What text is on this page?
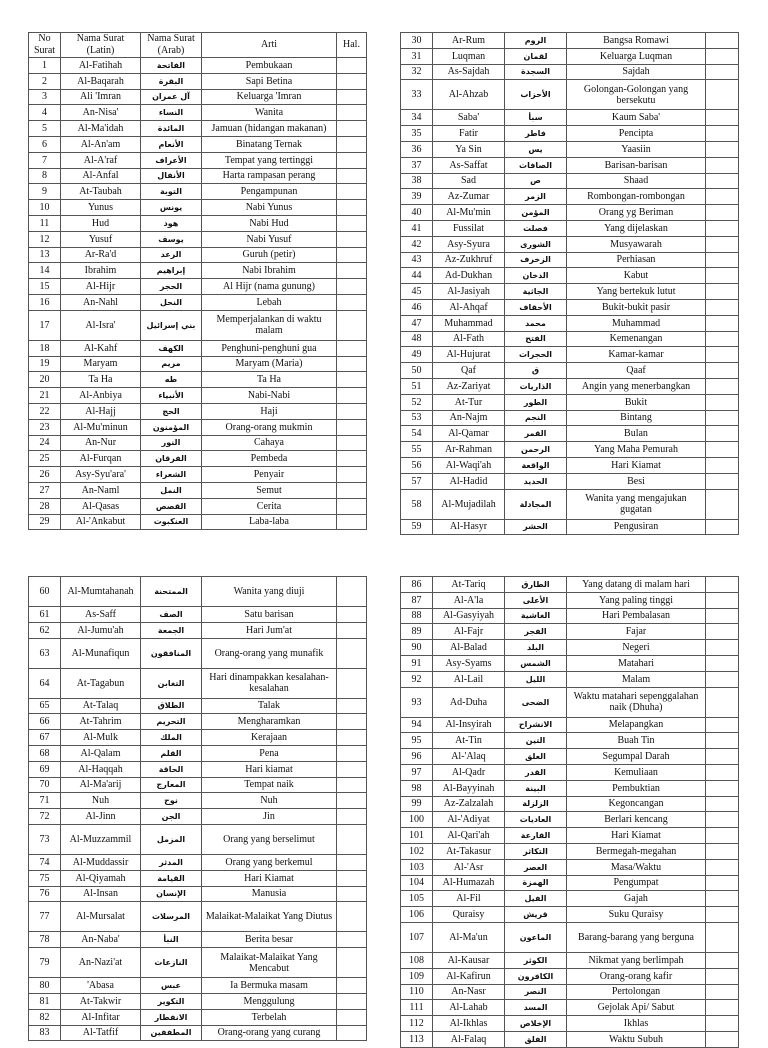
No Surat	Nama Surat (Latin)	Nama Surat (Arab)	Arti	Hal.
1	Al-Fatihah	الفاتحة	Pembukaan	
2	Al-Baqarah	البقرة	Sapi Betina	
3	Ali 'Imran	آل عمران	Keluarga 'Imran	
4	An-Nisa'	النساء	Wanita	
5	Al-Ma'idah	المائدة	Jamuan (hidangan makanan)	
6	Al-An'am	الأنعام	Binatang Ternak	
7	Al-A'raf	الأعراف	Tempat yang tertinggi	
8	Al-Anfal	الأنفال	Harta rampasan perang	
9	At-Taubah	التوبة	Pengampunan	
10	Yunus	يونس	Nabi Yunus	
11	Hud	هود	Nabi Hud	
12	Yusuf	يوسف	Nabi Yusuf	
13	Ar-Ra'd	الرعد	Guruh (petir)	
14	Ibrahim	إبراهيم	Nabi Ibrahim	
15	Al-Hijr	الحجر	Al Hijr (nama gunung)	
16	An-Nahl	النحل	Lebah	
17	Al-Isra'	بني إسرائيل	Memperjalankan di waktu malam	
18	Al-Kahf	الكهف	Penghuni-penghuni gua	
19	Maryam	مريم	Maryam (Maria)	
20	Ta Ha	طه	Ta Ha	
21	Al-Anbiya	الأنبياء	Nabi-Nabi	
22	Al-Hajj	الحج	Haji	
23	Al-Mu'minun	المؤمنون	Orang-orang mukmin	
24	An-Nur	النور	Cahaya	
25	Al-Furqan	الفرقان	Pembeda	
26	Asy-Syu'ara'	الشعراء	Penyair	
27	An-Naml	النمل	Semut	
28	Al-Qasas	القصص	Cerita	
29	Al-'Ankabut	العنكبوت	Laba-laba	
30	Ar-Rum	الروم	Bangsa Romawi	
31	Luqman	لقمان	Keluarga Luqman	
32	As-Sajdah	السجدة	Sajdah	
33	Al-Ahzab	الأحزاب	Golongan-Golongan yang bersekutu	
34	Saba'	سبأ	Kaum Saba'	
35	Fatir	فاطر	Pencipta	
36	Ya Sin	يس	Yaasiin	
37	As-Saffat	الصافات	Barisan-barisan	
38	Sad	ص	Shaad	
39	Az-Zumar	الزمر	Rombongan-rombongan	
40	Al-Mu'min	المؤمن	Orang yg Beriman	
41	Fussilat	فصلت	Yang dijelaskan	
42	Asy-Syura	الشورى	Musyawarah	
43	Az-Zukhruf	الزخرف	Perhiasan	
44	Ad-Dukhan	الدخان	Kabut	
45	Al-Jasiyah	الجاثية	Yang bertekuk lutut	
46	Al-Ahqaf	الأحقاف	Bukit-bukit pasir	
47	Muhammad	محمد	Muhammad	
48	Al-Fath	الفتح	Kemenangan	
49	Al-Hujurat	الحجرات	Kamar-kamar	
50	Qaf	ق	Qaaf	
51	Az-Zariyat	الذاريات	Angin yang menerbangkan	
52	At-Tur	الطور	Bukit	
53	An-Najm	النجم	Bintang	
54	Al-Qamar	القمر	Bulan	
55	Ar-Rahman	الرحمن	Yang Maha Pemurah	
56	Al-Waqi'ah	الواقعة	Hari Kiamat	
57	Al-Hadid	الحديد	Besi	
58	Al-Mujadilah	المجادلة	Wanita yang mengajukan gugatan	
59	Al-Hasyr	الحشر	Pengusiran	
60	Al-Mumtahanah	الممتحنة	Wanita yang diuji	
61	As-Saff	الصف	Satu barisan	
62	Al-Jumu'ah	الجمعة	Hari Jum'at	
63	Al-Munafiqun	المنافقون	Orang-orang yang munafik	
64	At-Tagabun	التغابن	Hari dinampakkan kesalahan-kesalahan	
65	At-Talaq	الطلاق	Talak	
66	At-Tahrim	التحريم	Mengharamkan	
67	Al-Mulk	الملك	Kerajaan	
68	Al-Qalam	القلم	Pena	
69	Al-Haqqah	الحاقة	Hari kiamat	
70	Al-Ma'arij	المعارج	Tempat naik	
71	Nuh	نوح	Nuh	
72	Al-Jinn	الجن	Jin	
73	Al-Muzzammil	المزمل	Orang yang berselimut	
74	Al-Muddassir	المدثر	Orang yang berkemul	
75	Al-Qiyamah	القيامة	Hari Kiamat	
76	Al-Insan	الإنسان	Manusia	
77	Al-Mursalat	المرسلات	Malaikat-Malaikat Yang Diutus	
78	An-Naba'	النبأ	Berita besar	
79	An-Nazi'at	النازعات	Malaikat-Malaikat Yang Mencabut	
80	'Abasa	عبس	Ia Bermuka masam	
81	At-Takwir	التكوير	Menggulung	
82	Al-Infitar	الانفطار	Terbelah	
83	Al-Tatfif	المطففين	Orang-orang yang curang	
86	At-Tariq	الطارق	Yang datang di malam hari	
87	Al-A'la	الأعلى	Yang paling tinggi	
88	Al-Gasyiyah	الغاشية	Hari Pembalasan	
89	Al-Fajr	الفجر	Fajar	
90	Al-Balad	البلد	Negeri	
91	Asy-Syams	الشمس	Matahari	
92	Al-Lail	الليل	Malam	
93	Ad-Duha	الضحى	Waktu matahari sepenggalahan naik (Dhuha)	
94	Al-Insyirah	الانشراح	Melapangkan	
95	At-Tin	التين	Buah Tin	
96	Al-'Alaq	العلق	Segumpal Darah	
97	Al-Qadr	القدر	Kemuliaan	
98	Al-Bayyinah	البينة	Pembuktian	
99	Az-Zalzalah	الزلزلة	Kegoncangan	
100	Al-'Adiyat	العاديات	Berlari kencang	
101	Al-Qari'ah	القارعة	Hari Kiamat	
102	At-Takasur	التكاثر	Bermegah-megahan	
103	Al-'Asr	العصر	Masa/Waktu	
104	Al-Humazah	الهمزة	Pengumpat	
105	Al-Fil	الفيل	Gajah	
106	Quraisy	قريش	Suku Quraisy	
107	Al-Ma'un	الماعون	Barang-barang yang berguna	
108	Al-Kausar	الكوثر	Nikmat yang berlimpah	
109	Al-Kafirun	الكافرون	Orang-orang kafir	
110	An-Nasr	النصر	Pertolongan	
111	Al-Lahab	المسد	Gejolak Api/ Sabut	
112	Al-Ikhlas	الإخلاص	Ikhlas	
113	Al-Falaq	الفلق	Waktu Subuh	
